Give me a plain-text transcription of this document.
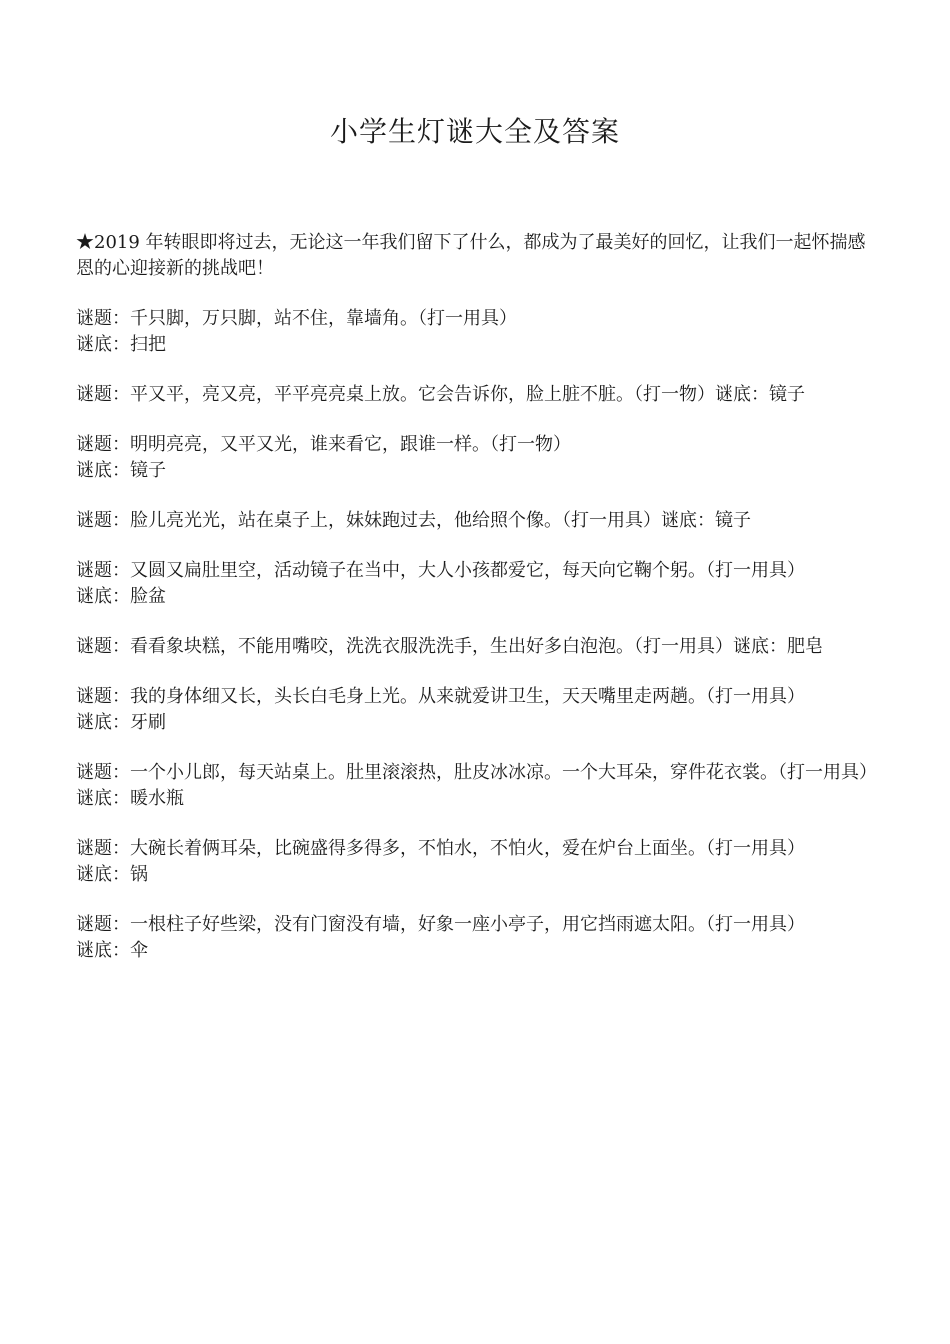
小学生灯谜大全及答案

★2019 年转眼即将过去，无论这一年我们留下了什么，都成为了最美好的回忆，让我们一起怀揣感恩的心迎接新的挑战吧！

谜题：千只脚，万只脚，站不住，靠墙角。（打一用具）
谜底：扫把
谜题：平又平，亮又亮，平平亮亮桌上放。它会告诉你，脸上脏不脏。（打一物）谜底：镜子
谜题：明明亮亮，又平又光，谁来看它，跟谁一样。（打一物）
谜底：镜子
谜题：脸儿亮光光，站在桌子上，妹妹跑过去，他给照个像。（打一用具）谜底：镜子
谜题：又圆又扁肚里空，活动镜子在当中，大人小孩都爱它，每天向它鞠个躬。（打一用具）
谜底：脸盆
谜题：看看象块糕，不能用嘴咬，洗洗衣服洗洗手，生出好多白泡泡。（打一用具）谜底：肥皂
谜题：我的身体细又长，头长白毛身上光。从来就爱讲卫生，天天嘴里走两趟。（打一用具）
谜底：牙刷
谜题：一个小儿郎，每天站桌上。肚里滚滚热，肚皮冰冰凉。一个大耳朵，穿件花衣裳。（打一用具）
谜底：暖水瓶
谜题：大碗长着俩耳朵，比碗盛得多得多，不怕水，不怕火，爱在炉台上面坐。（打一用具）
谜底：锅
谜题：一根柱子好些梁，没有门窗没有墙，好象一座小亭子，用它挡雨遮太阳。（打一用具）
谜底：伞
